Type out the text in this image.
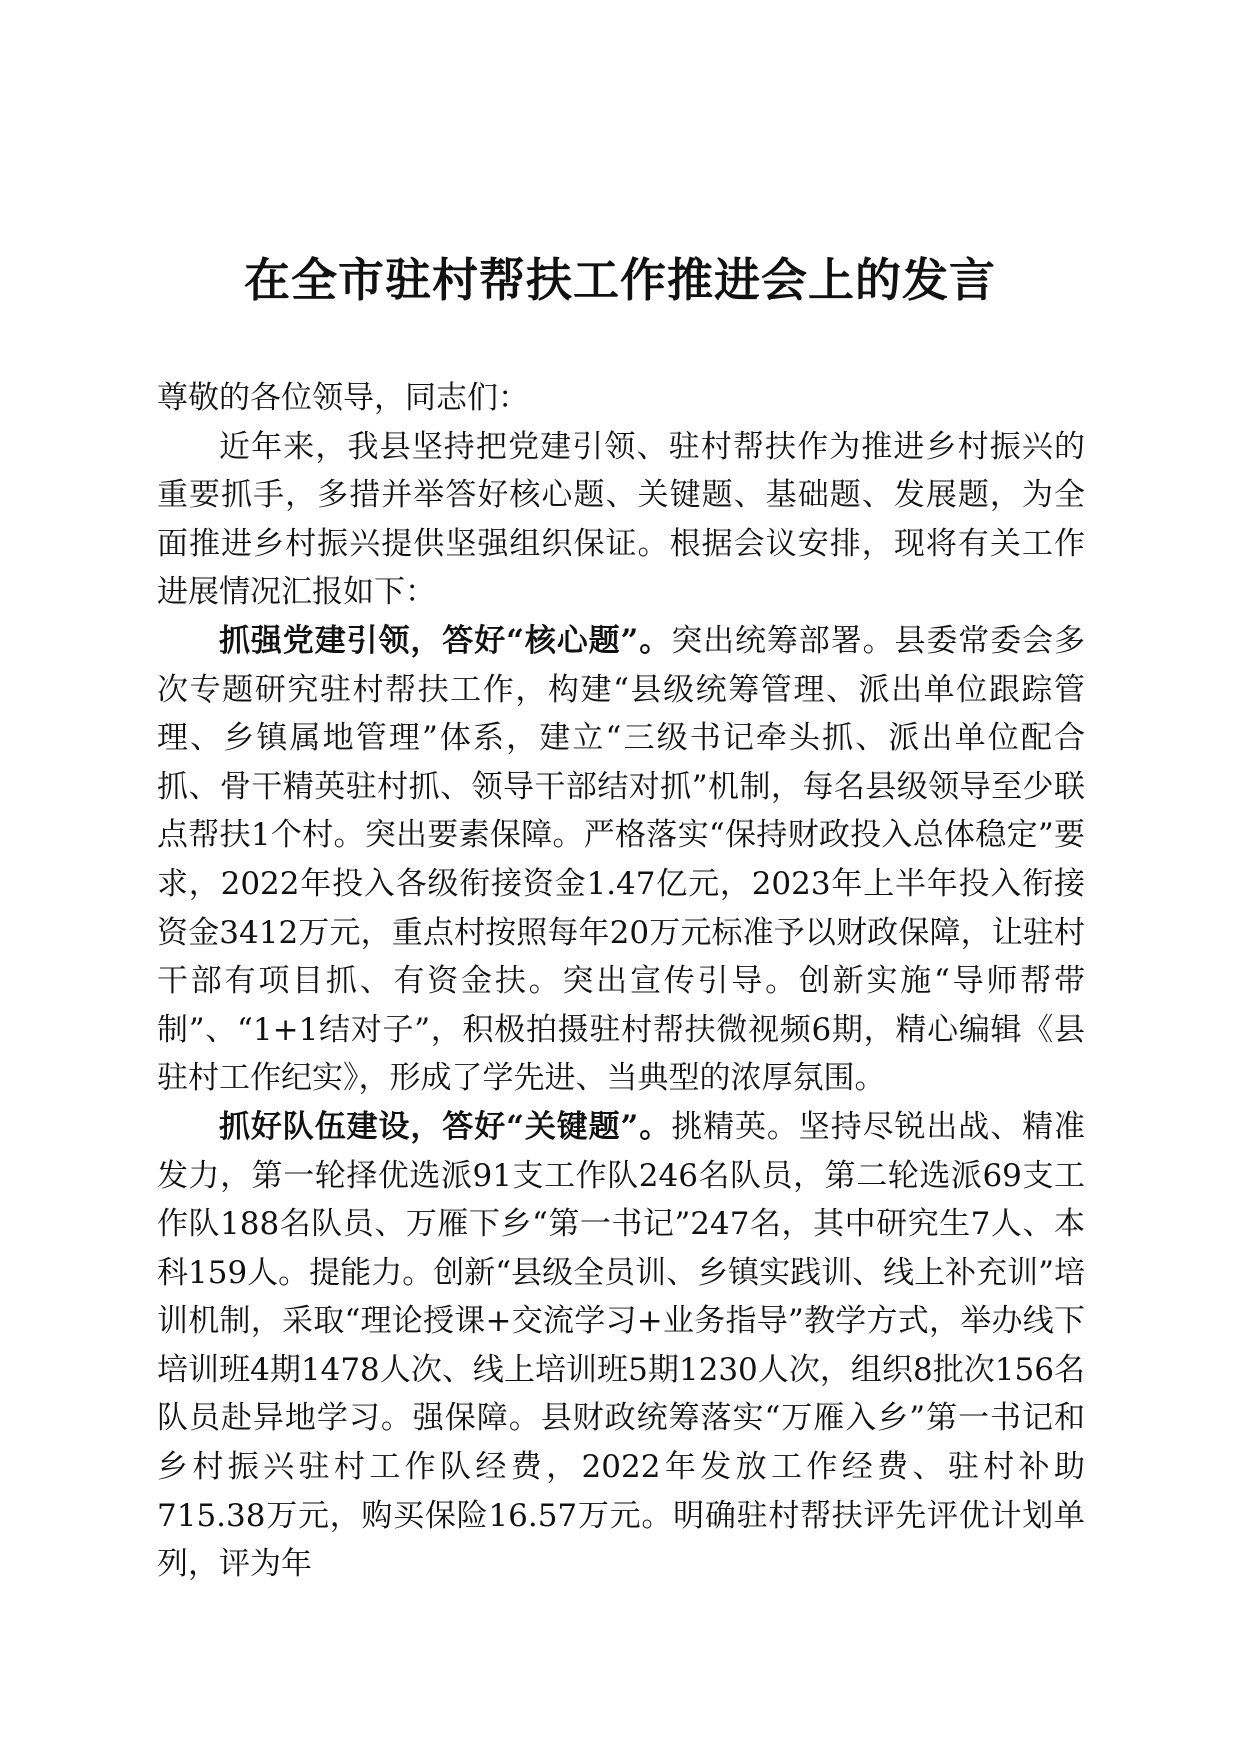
在全市驻村帮扶工作推进会上的发言

尊敬的各位领导，同志们：

近年来，我县坚持把党建引领、驻村帮扶作为推进乡村振兴的重要抓手，多措并举答好核心题、关键题、基础题、发展题，为全面推进乡村振兴提供坚强组织保证。根据会议安排，现将有关工作进展情况汇报如下：

抓强党建引领，答好“核心题”。突出统筹部署。县委常委会多次专题研究驻村帮扶工作，构建“县级统筹管理、派出单位跟踪管理、乡镇属地管理”体系，建立“三级书记牵头抓、派出单位配合抓、骨干精英驻村抓、领导干部结对抓”机制，每名县级领导至少联点帮扶1个村。突出要素保障。严格落实“保持财政投入总体稳定”要求，2022年投入各级衔接资金1.47亿元，2023年上半年投入衔接资金3412万元，重点村按照每年20万元标准予以财政保障，让驻村干部有项目抓、有资金扶。突出宣传引导。创新实施“导师帮带制”、“1+1结对子”，积极拍摄驻村帮扶微视频6期，精心编辑《县驻村工作纪实》，形成了学先进、当典型的浓厚氛围。

抓好队伍建设，答好“关键题”。挑精英。坚持尽锐出战、精准发力，第一轮择优选派91支工作队246名队员，第二轮选派69支工作队188名队员、万雁下乡“第一书记”247名，其中研究生7人、本科159人。提能力。创新“县级全员训、乡镇实践训、线上补充训”培训机制，采取“理论授课+交流学习+业务指导”教学方式，举办线下培训班4期1478人次、线上培训班5期1230人次，组织8批次156名队员赴异地学习。强保障。县财政统筹落实“万雁入乡”第一书记和乡村振兴驻村工作队经费，2022年发放工作经费、驻村补助715.38万元，购买保险16.57万元。明确驻村帮扶评先评优计划单列，评为年
